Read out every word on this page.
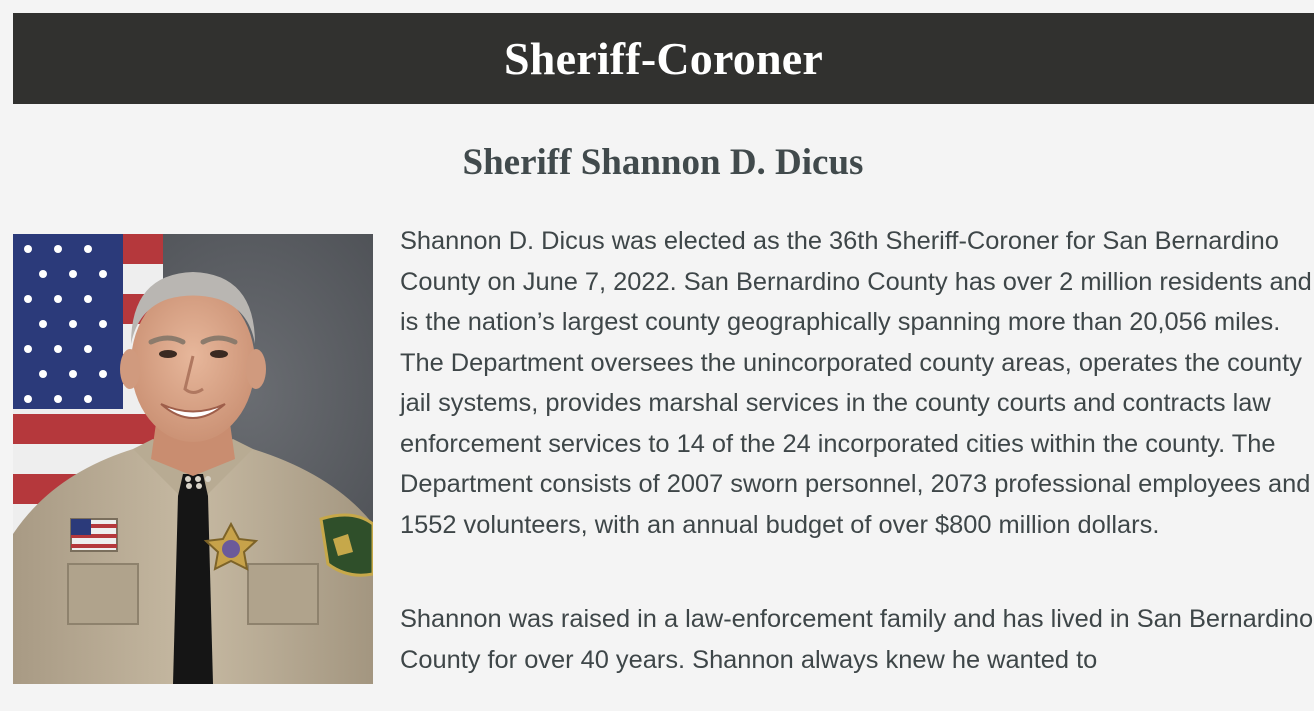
Sheriff-Coroner
Sheriff Shannon D. Dicus

Shannon D. Dicus was elected as the 36th Sheriff-Coroner for San Bernardino County on June 7, 2022. San Bernardino County has over 2 million residents and is the nation’s largest county geographically spanning more than 20,056 miles. The Department oversees the unincorporated county areas, operates the county jail systems, provides marshal services in the county courts and contracts law enforcement services to 14 of the 24 incorporated cities within the county. The Department consists of 2007 sworn personnel, 2073 professional employees and 1552 volunteers, with an annual budget of over $800 million dollars.

Shannon was raised in a law-enforcement family and has lived in San Bernardino County for over 40 years. Shannon always knew he wanted to
